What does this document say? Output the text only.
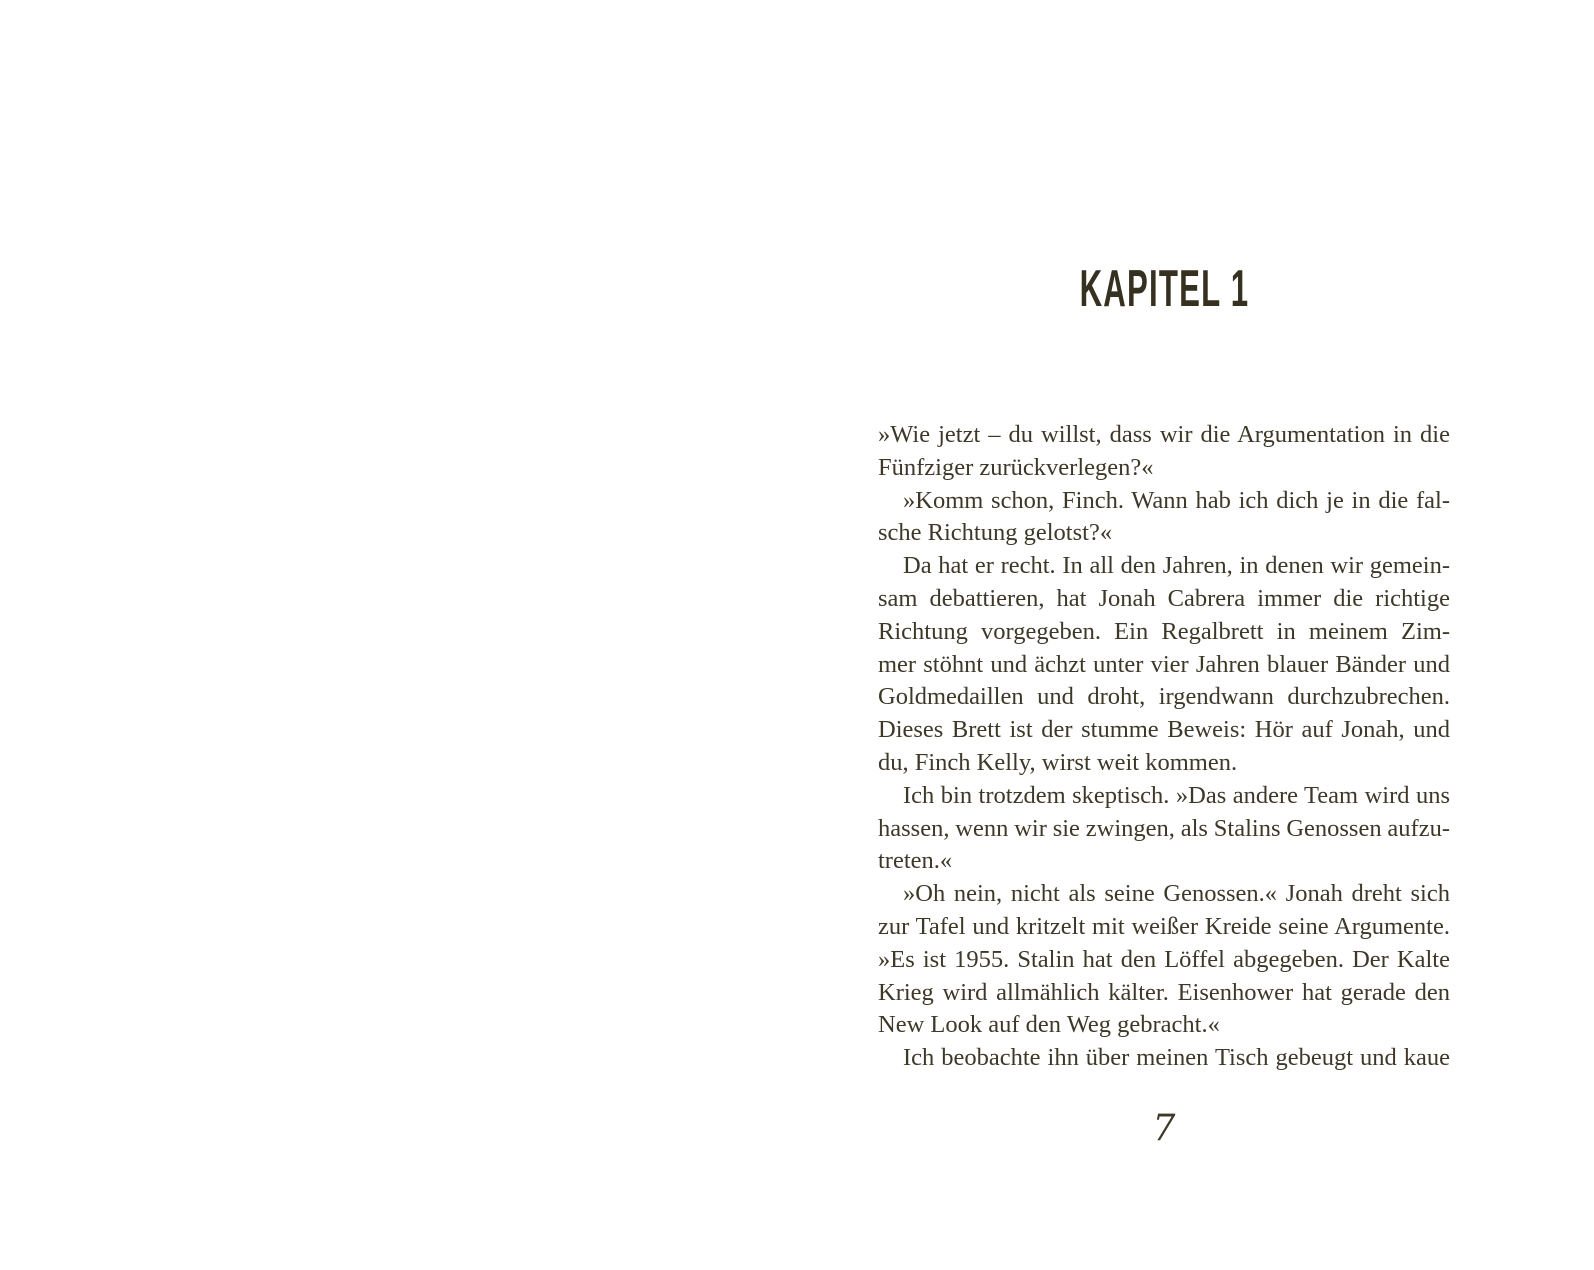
KAPITEL 1
»Wie jetzt – du willst, dass wir die Argumentation in die
Fünfziger zurückverlegen?«
»Komm schon, Finch. Wann hab ich dich je in die fal-
sche Richtung gelotst?«
Da hat er recht. In all den Jahren, in denen wir gemein-
sam debattieren, hat Jonah Cabrera immer die richtige
Richtung vorgegeben. Ein Regalbrett in meinem Zim-
mer stöhnt und ächzt unter vier Jahren blauer Bänder und
Goldmedaillen und droht, irgendwann durchzubrechen.
Dieses Brett ist der stumme Beweis: Hör auf Jonah, und
du, Finch Kelly, wirst weit kommen.
Ich bin trotzdem skeptisch. »Das andere Team wird uns
hassen, wenn wir sie zwingen, als Stalins Genossen aufzu-
treten.«
»Oh nein, nicht als seine Genossen.« Jonah dreht sich
zur Tafel und kritzelt mit weißer Kreide seine Argumente.
»Es ist 1955. Stalin hat den Löffel abgegeben. Der Kalte
Krieg wird allmählich kälter. Eisenhower hat gerade den
New Look auf den Weg gebracht.«
Ich beobachte ihn über meinen Tisch gebeugt und kaue
7
